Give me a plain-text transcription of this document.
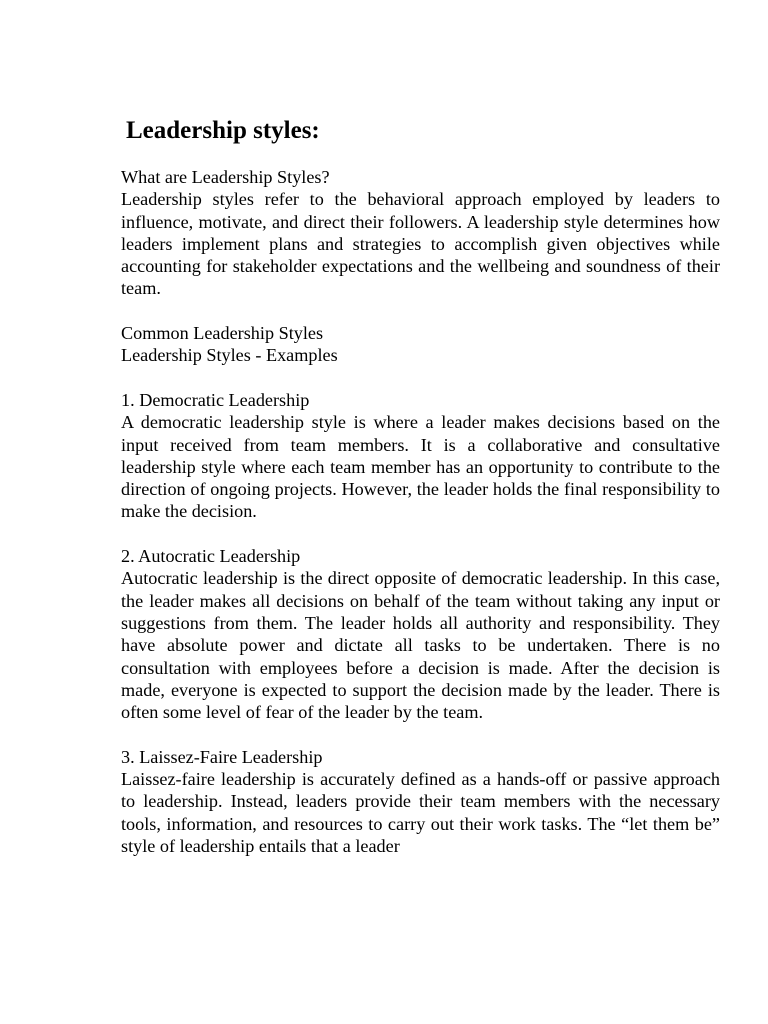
Leadership styles:
What are Leadership Styles?
Leadership styles refer to the behavioral approach employed by leaders to influence, motivate, and direct their followers. A leadership style determines how leaders implement plans and strategies to accomplish given objectives while accounting for stakeholder expectations and the wellbeing and soundness of their team.
Common Leadership Styles
Leadership Styles - Examples
1. Democratic Leadership
A democratic leadership style is where a leader makes decisions based on the input received from team members. It is a collaborative and consultative leadership style where each team member has an opportunity to contribute to the direction of ongoing projects. However, the leader holds the final responsibility to make the decision.
2. Autocratic Leadership
Autocratic leadership is the direct opposite of democratic leadership. In this case, the leader makes all decisions on behalf of the team without taking any input or suggestions from them. The leader holds all authority and responsibility. They have absolute power and dictate all tasks to be undertaken. There is no consultation with employees before a decision is made. After the decision is made, everyone is expected to support the decision made by the leader. There is often some level of fear of the leader by the team.
3. Laissez-Faire Leadership
Laissez-faire leadership is accurately defined as a hands-off or passive approach to leadership. Instead, leaders provide their team members with the necessary tools, information, and resources to carry out their work tasks. The “let them be” style of leadership entails that a leader
